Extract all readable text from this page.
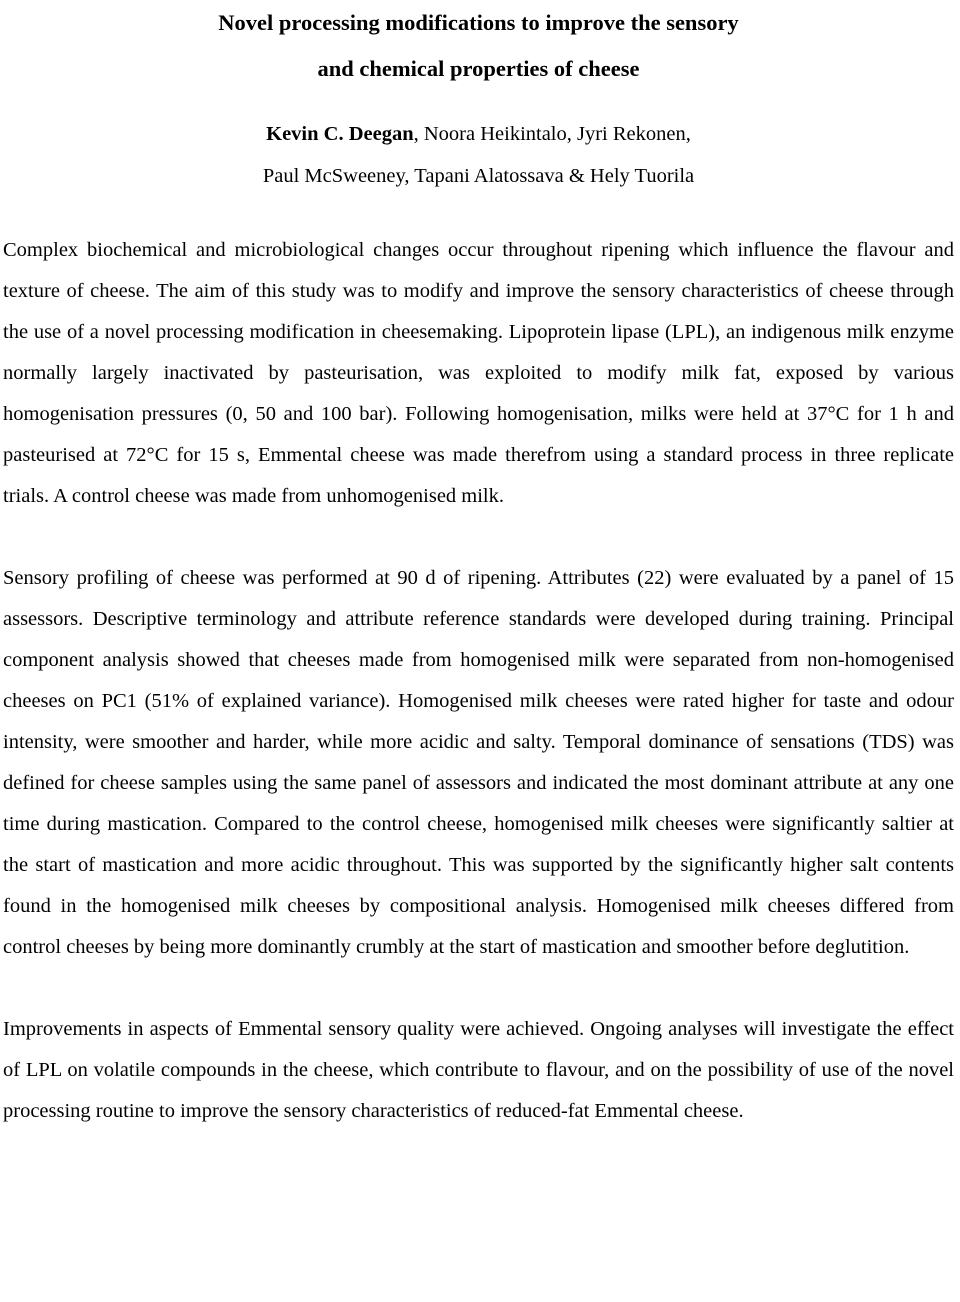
Novel processing modifications to improve the sensory
and chemical properties of cheese

Kevin C. Deegan, Noora Heikintalo, Jyri Rekonen,
Paul McSweeney, Tapani Alatossava & Hely Tuorila

Complex biochemical and microbiological changes occur throughout ripening which influence the flavour and texture of cheese. The aim of this study was to modify and improve the sensory characteristics of cheese through the use of a novel processing modification in cheesemaking. Lipoprotein lipase (LPL), an indigenous milk enzyme normally largely inactivated by pasteurisation, was exploited to modify milk fat, exposed by various homogenisation pressures (0, 50 and 100 bar). Following homogenisation, milks were held at 37°C for 1 h and pasteurised at 72°C for 15 s, Emmental cheese was made therefrom using a standard process in three replicate trials. A control cheese was made from unhomogenised milk.

Sensory profiling of cheese was performed at 90 d of ripening. Attributes (22) were evaluated by a panel of 15 assessors. Descriptive terminology and attribute reference standards were developed during training. Principal component analysis showed that cheeses made from homogenised milk were separated from non-homogenised cheeses on PC1 (51% of explained variance). Homogenised milk cheeses were rated higher for taste and odour intensity, were smoother and harder, while more acidic and salty. Temporal dominance of sensations (TDS) was defined for cheese samples using the same panel of assessors and indicated the most dominant attribute at any one time during mastication. Compared to the control cheese, homogenised milk cheeses were significantly saltier at the start of mastication and more acidic throughout. This was supported by the significantly higher salt contents found in the homogenised milk cheeses by compositional analysis. Homogenised milk cheeses differed from control cheeses by being more dominantly crumbly at the start of mastication and smoother before deglutition.

Improvements in aspects of Emmental sensory quality were achieved. Ongoing analyses will investigate the effect of LPL on volatile compounds in the cheese, which contribute to flavour, and on the possibility of use of the novel processing routine to improve the sensory characteristics of reduced-fat Emmental cheese.
